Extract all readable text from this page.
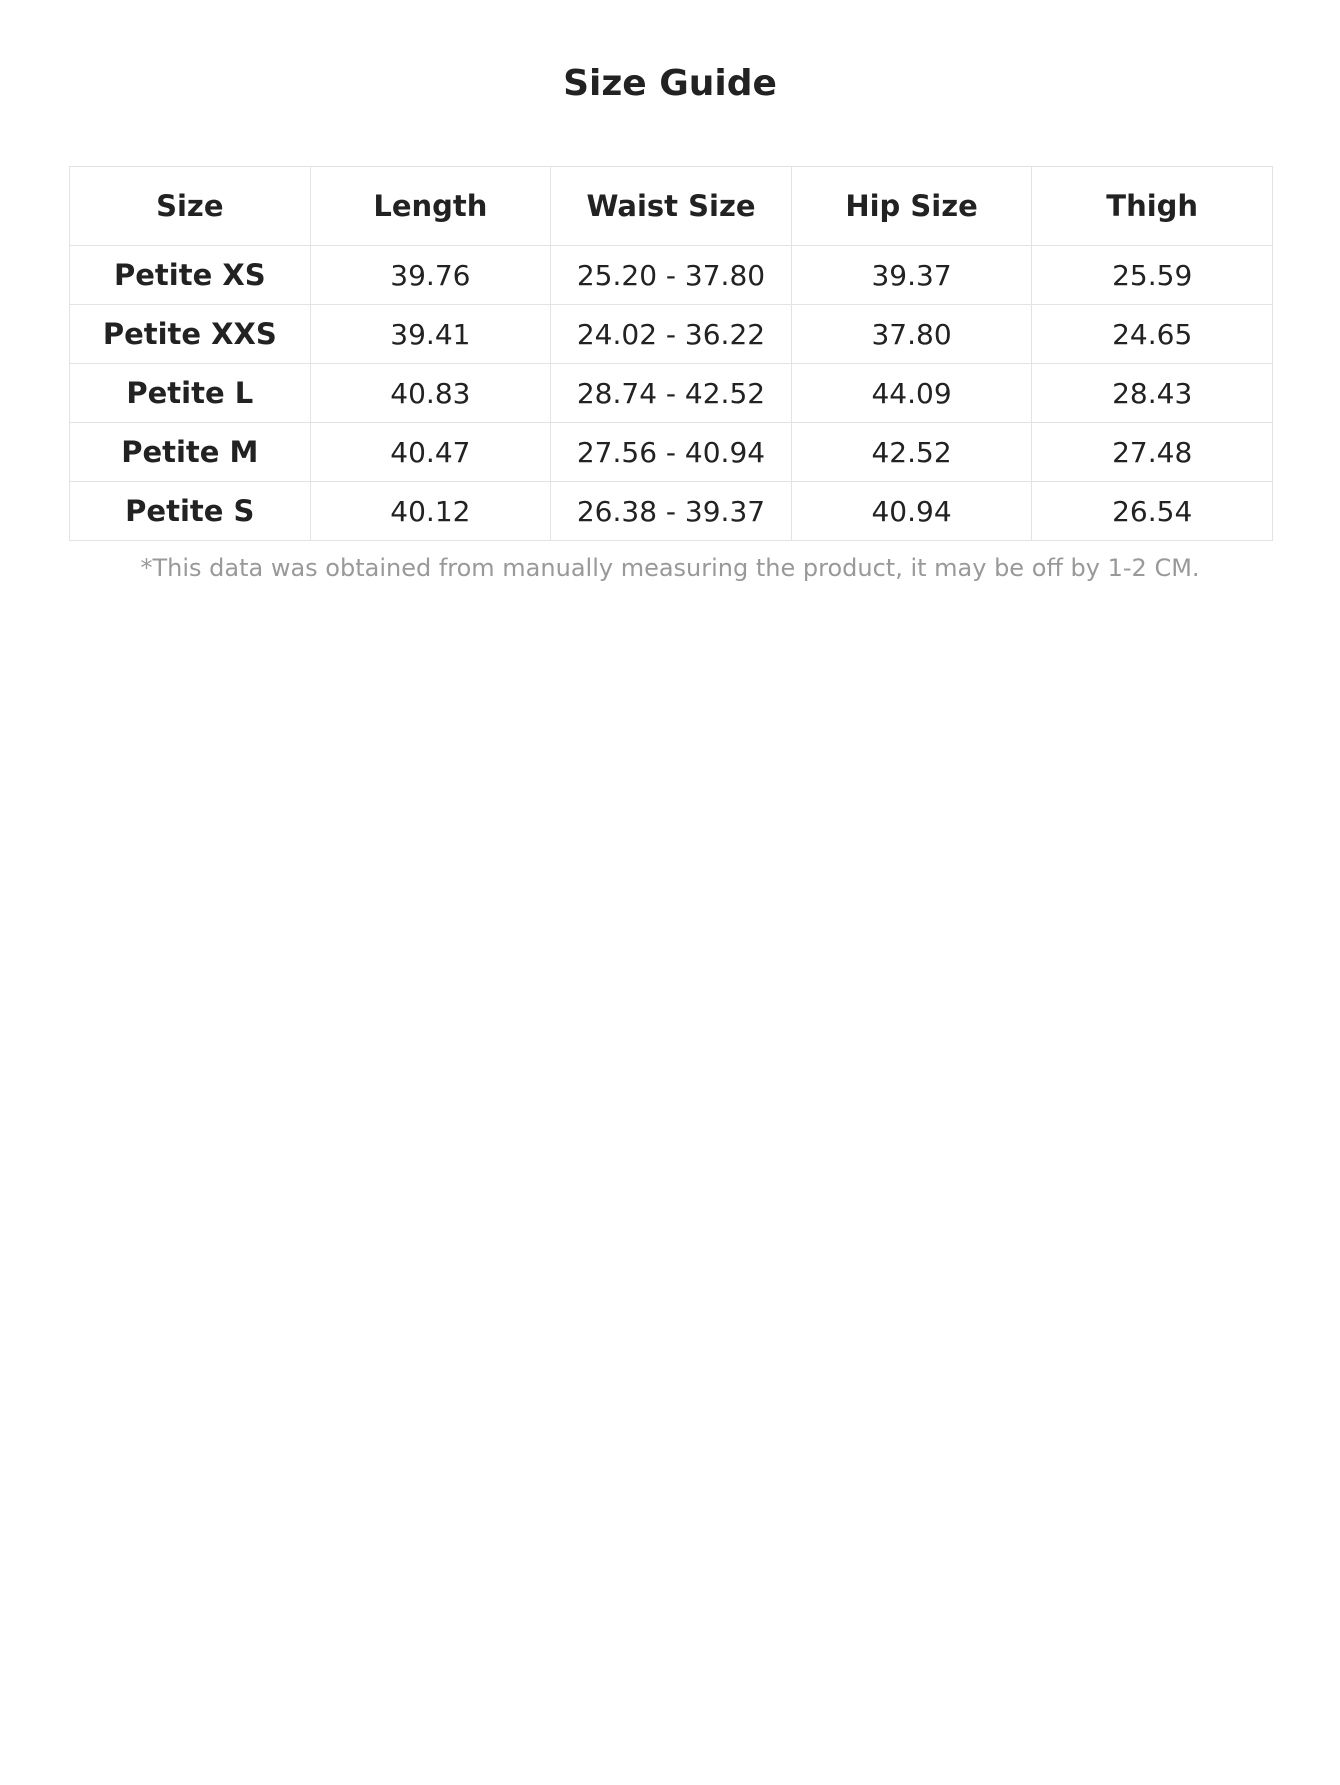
Size Guide
Size	Length	Waist Size	Hip Size	Thigh
Petite XS	39.76	25.20 - 37.80	39.37	25.59
Petite XXS	39.41	24.02 - 36.22	37.80	24.65
Petite L	40.83	28.74 - 42.52	44.09	28.43
Petite M	40.47	27.56 - 40.94	42.52	27.48
Petite S	40.12	26.38 - 39.37	40.94	26.54

*This data was obtained from manually measuring the product, it may be off by 1-2 CM.
